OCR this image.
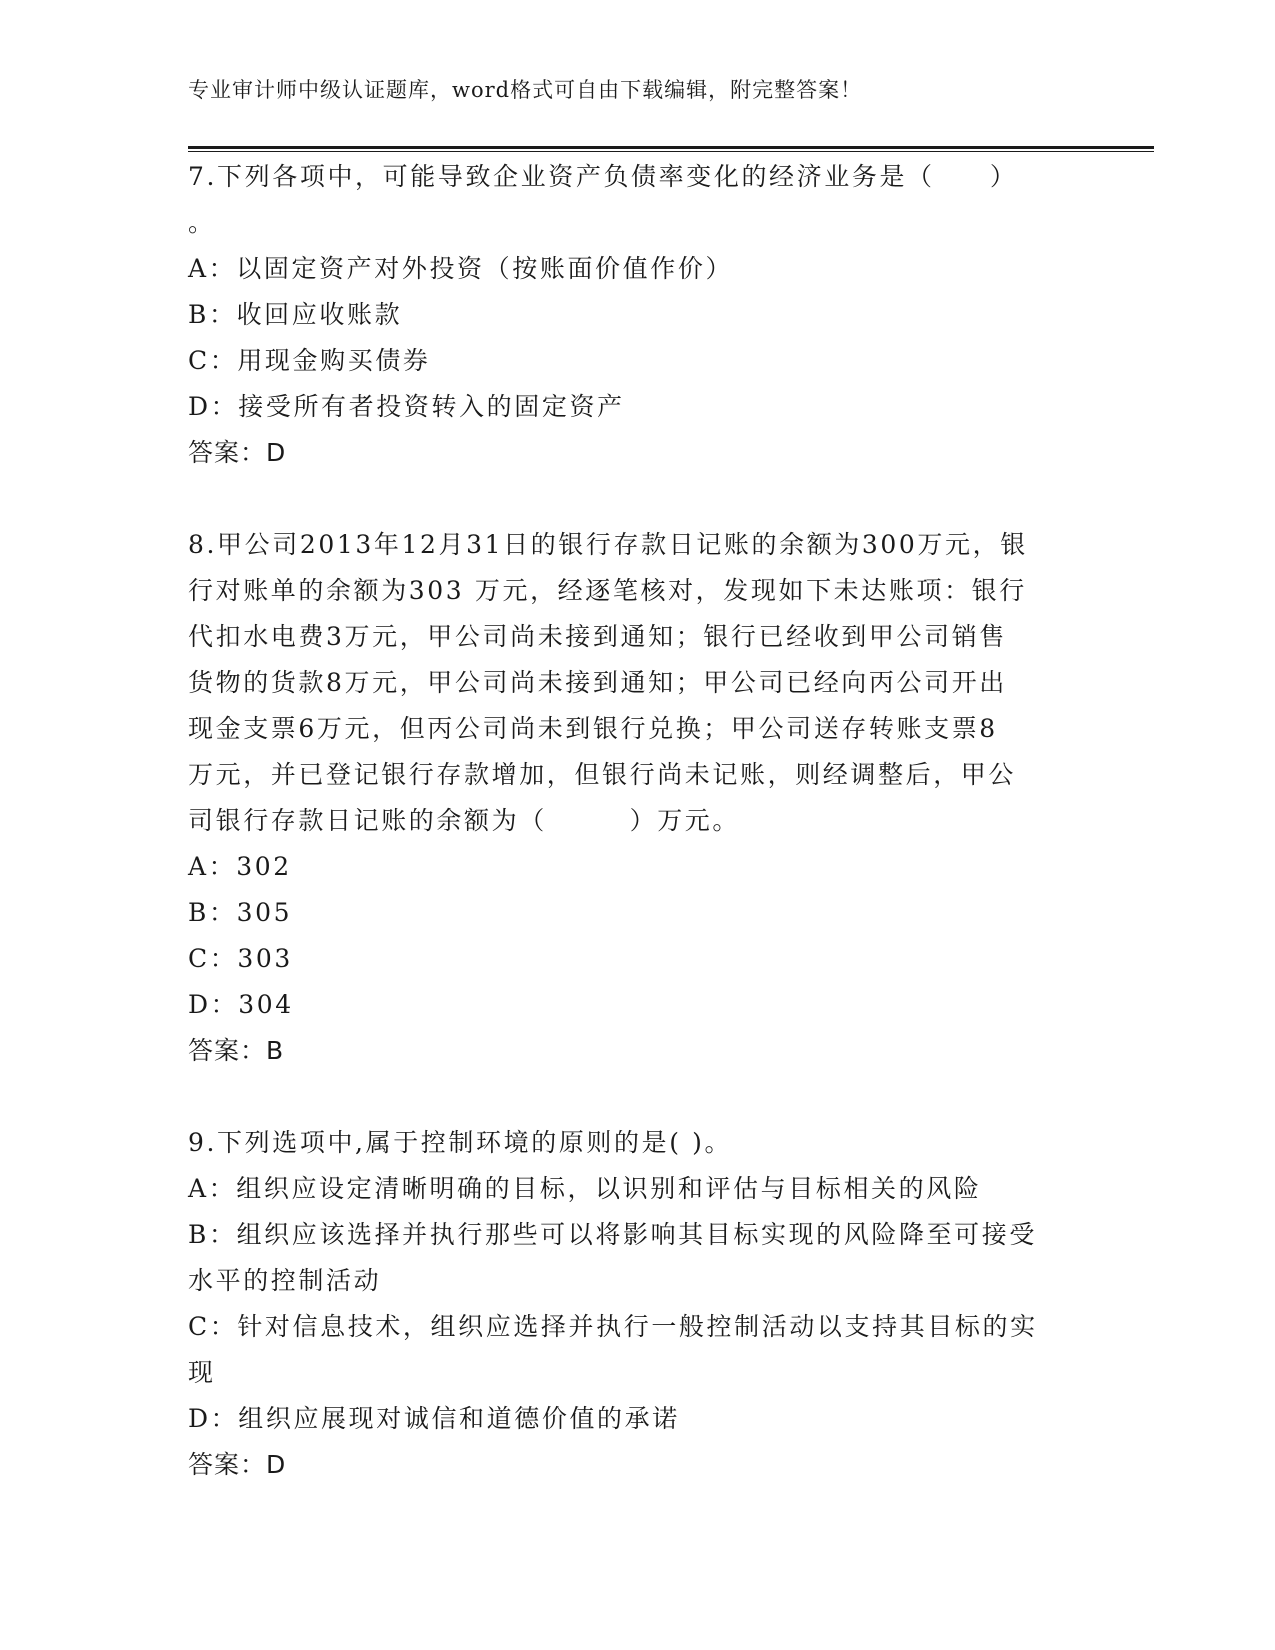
专业审计师中级认证题库，word格式可自由下载编辑，附完整答案！
7.下列各项中，可能导致企业资产负债率变化的经济业务是（　　）
。
A：以固定资产对外投资（按账面价值作价）
B：收回应收账款
C：用现金购买债券
D：接受所有者投资转入的固定资产
答案：D
8.甲公司2013年12月31日的银行存款日记账的余额为300万元，银
行对账单的余额为303 万元，经逐笔核对，发现如下未达账项：银行
代扣水电费3万元，甲公司尚未接到通知；银行已经收到甲公司销售
货物的货款8万元，甲公司尚未接到通知；甲公司已经向丙公司开出
现金支票6万元，但丙公司尚未到银行兑换；甲公司送存转账支票8
万元，并已登记银行存款增加，但银行尚未记账，则经调整后，甲公
司银行存款日记账的余额为（　　　）万元。
A：302
B：305
C：303
D：304
答案：B
9.下列选项中,属于控制环境的原则的是( )。
A：组织应设定清晰明确的目标，以识别和评估与目标相关的风险
B：组织应该选择并执行那些可以将影响其目标实现的风险降至可接受
水平的控制活动
C：针对信息技术，组织应选择并执行一般控制活动以支持其目标的实
现
D：组织应展现对诚信和道德价值的承诺
答案：D
